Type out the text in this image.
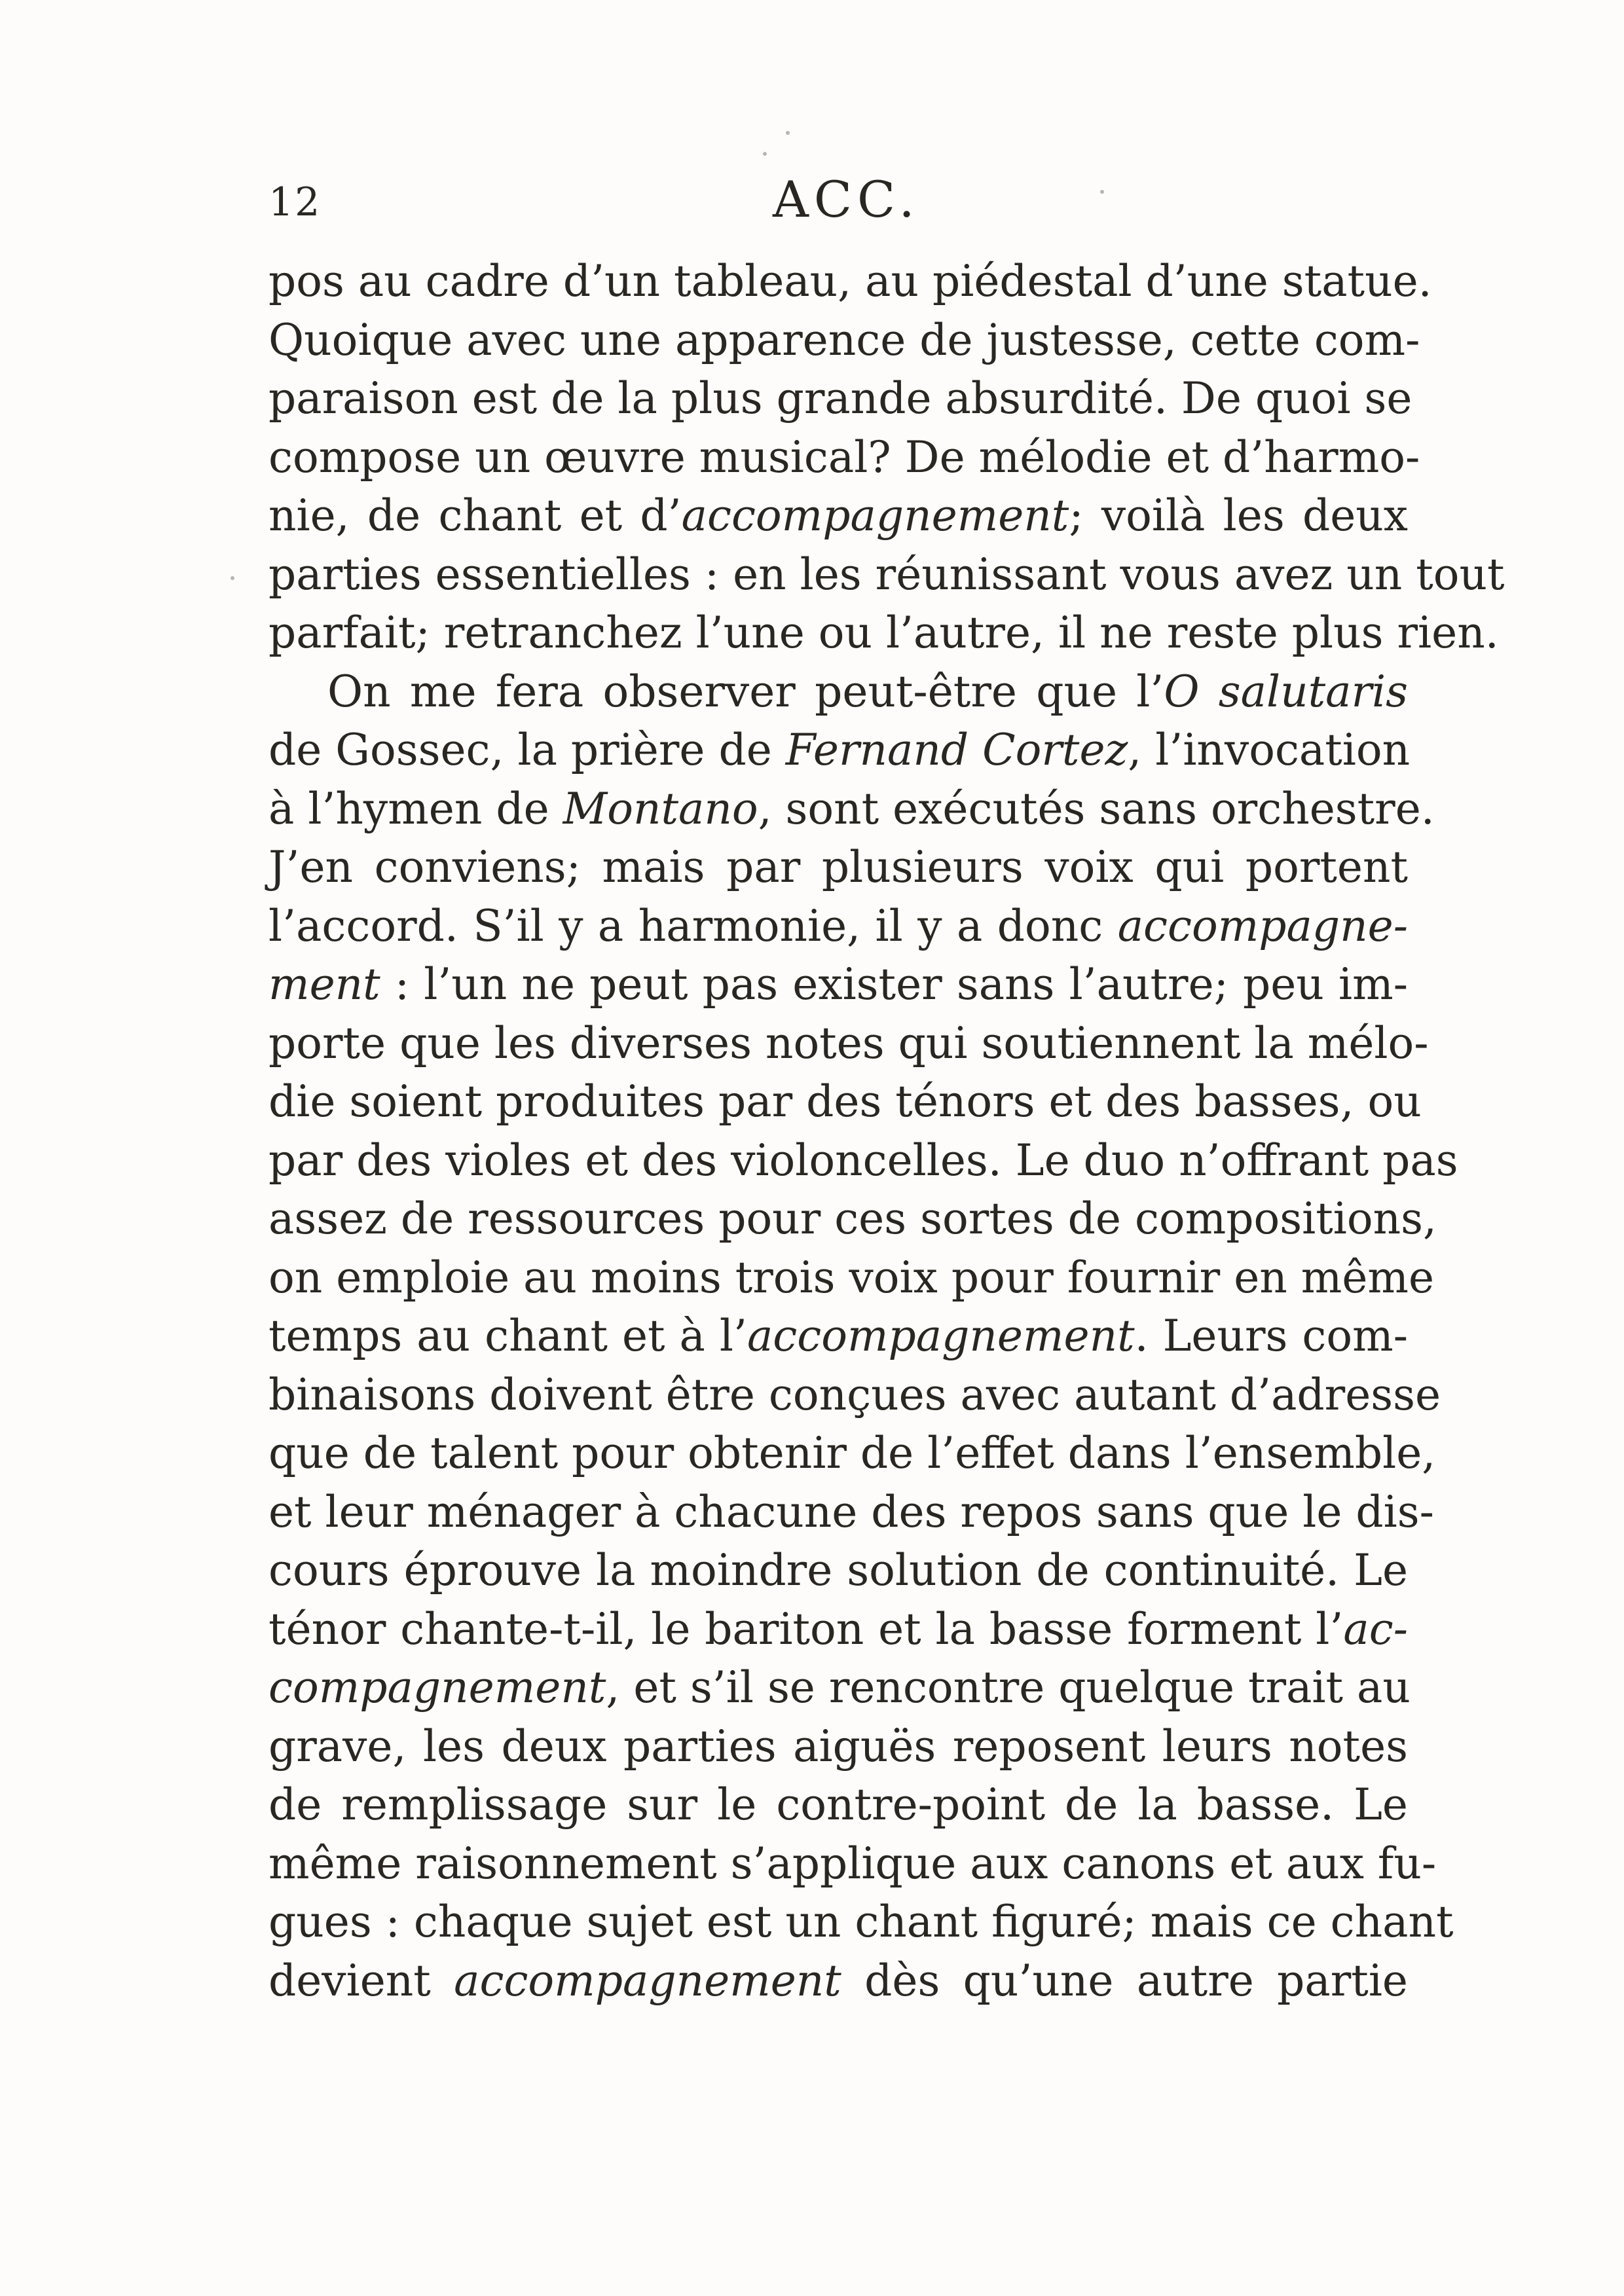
12	ACC.
pos au cadre d’un tableau, au piédestal d’une statue.
Quoique avec une apparence de justesse, cette com-
paraison est de la plus grande absurdité. De quoi se
compose un œuvre musical? De mélodie et d’harmo-
nie, de chant et d’accompagnement; voilà les deux
parties essentielles : en les réunissant vous avez un tout
parfait; retranchez l’une ou l’autre, il ne reste plus rien.
On me fera observer peut-être que l’O salutaris
de Gossec, la prière de Fernand Cortez, l’invocation
à l’hymen de Montano, sont exécutés sans orchestre.
J’en conviens; mais par plusieurs voix qui portent
l’accord. S’il y a harmonie, il y a donc accompagne-
ment : l’un ne peut pas exister sans l’autre; peu im-
porte que les diverses notes qui soutiennent la mélo-
die soient produites par des ténors et des basses, ou
par des violes et des violoncelles. Le duo n’offrant pas
assez de ressources pour ces sortes de compositions,
on emploie au moins trois voix pour fournir en même
temps au chant et à l’accompagnement. Leurs com-
binaisons doivent être conçues avec autant d’adresse
que de talent pour obtenir de l’effet dans l’ensemble,
et leur ménager à chacune des repos sans que le dis-
cours éprouve la moindre solution de continuité. Le
ténor chante-t-il, le bariton et la basse forment l’ac-
compagnement, et s’il se rencontre quelque trait au
grave, les deux parties aiguës reposent leurs notes
de remplissage sur le contre-point de la basse. Le
même raisonnement s’applique aux canons et aux fu-
gues : chaque sujet est un chant figuré; mais ce chant
devient accompagnement dès qu’une autre partie
